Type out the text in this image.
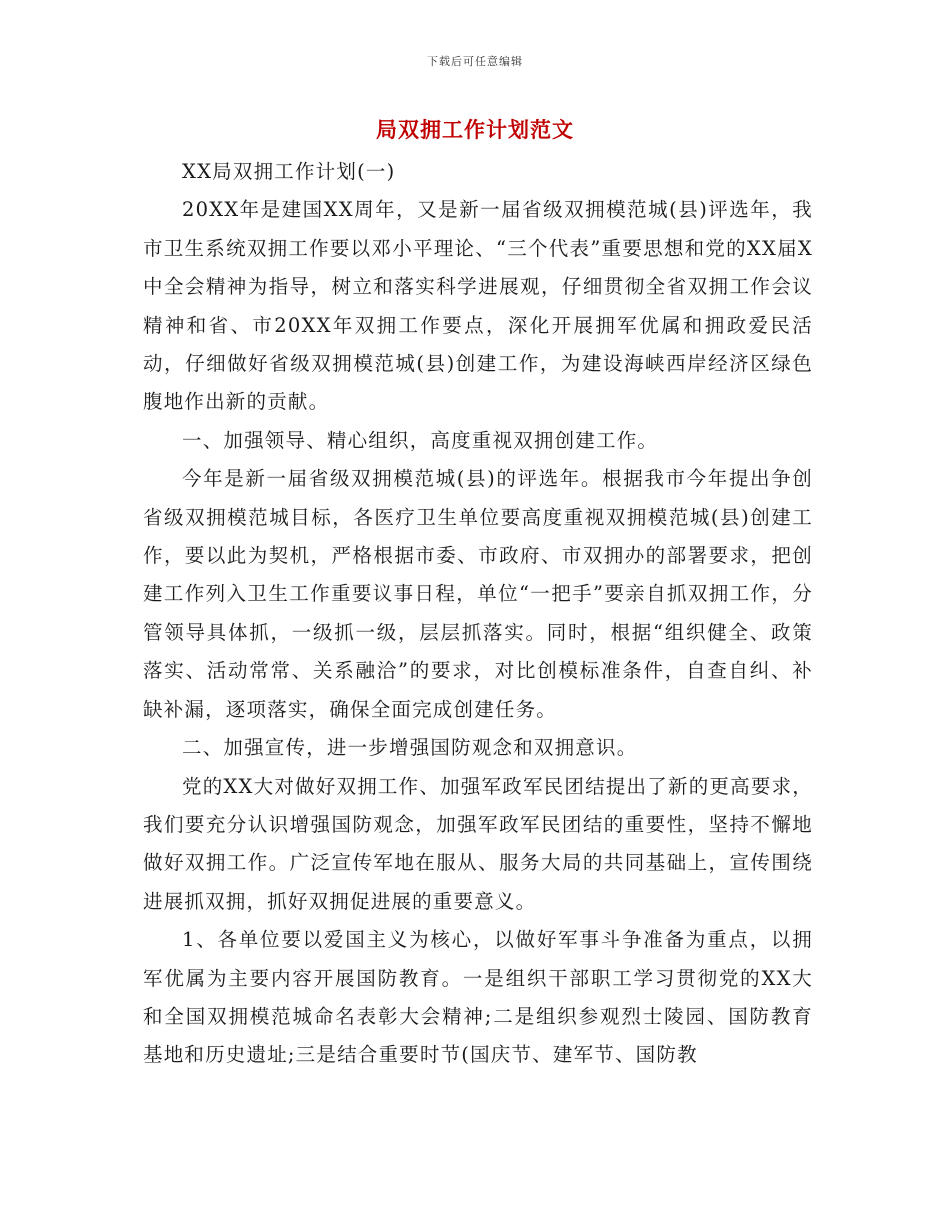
下载后可任意编辑
局双拥工作计划范文

XX局双拥工作计划(一)

20XX年是建国XX周年，又是新一届省级双拥模范城(县)评选年，我市卫生系统双拥工作要以邓小平理论、“三个代表”重要思想和党的XX届X中全会精神为指导，树立和落实科学进展观，仔细贯彻全省双拥工作会议精神和省、市20XX年双拥工作要点，深化开展拥军优属和拥政爱民活动，仔细做好省级双拥模范城(县)创建工作，为建设海峡西岸经济区绿色腹地作出新的贡献。

一、加强领导、精心组织，高度重视双拥创建工作。

今年是新一届省级双拥模范城(县)的评选年。根据我市今年提出争创省级双拥模范城目标，各医疗卫生单位要高度重视双拥模范城(县)创建工作，要以此为契机，严格根据市委、市政府、市双拥办的部署要求，把创建工作列入卫生工作重要议事日程，单位“一把手”要亲自抓双拥工作，分管领导具体抓，一级抓一级，层层抓落实。同时，根据“组织健全、政策落实、活动常常、关系融洽”的要求，对比创模标准条件，自查自纠、补缺补漏，逐项落实，确保全面完成创建任务。

二、加强宣传，进一步增强国防观念和双拥意识。

党的XX大对做好双拥工作、加强军政军民团结提出了新的更高要求，我们要充分认识增强国防观念，加强军政军民团结的重要性，坚持不懈地做好双拥工作。广泛宣传军地在服从、服务大局的共同基础上，宣传围绕进展抓双拥，抓好双拥促进展的重要意义。

1、各单位要以爱国主义为核心，以做好军事斗争准备为重点，以拥军优属为主要内容开展国防教育。一是组织干部职工学习贯彻党的XX大和全国双拥模范城命名表彰大会精神;二是组织参观烈士陵园、国防教育基地和历史遗址;三是结合重要时节(国庆节、建军节、国防教
